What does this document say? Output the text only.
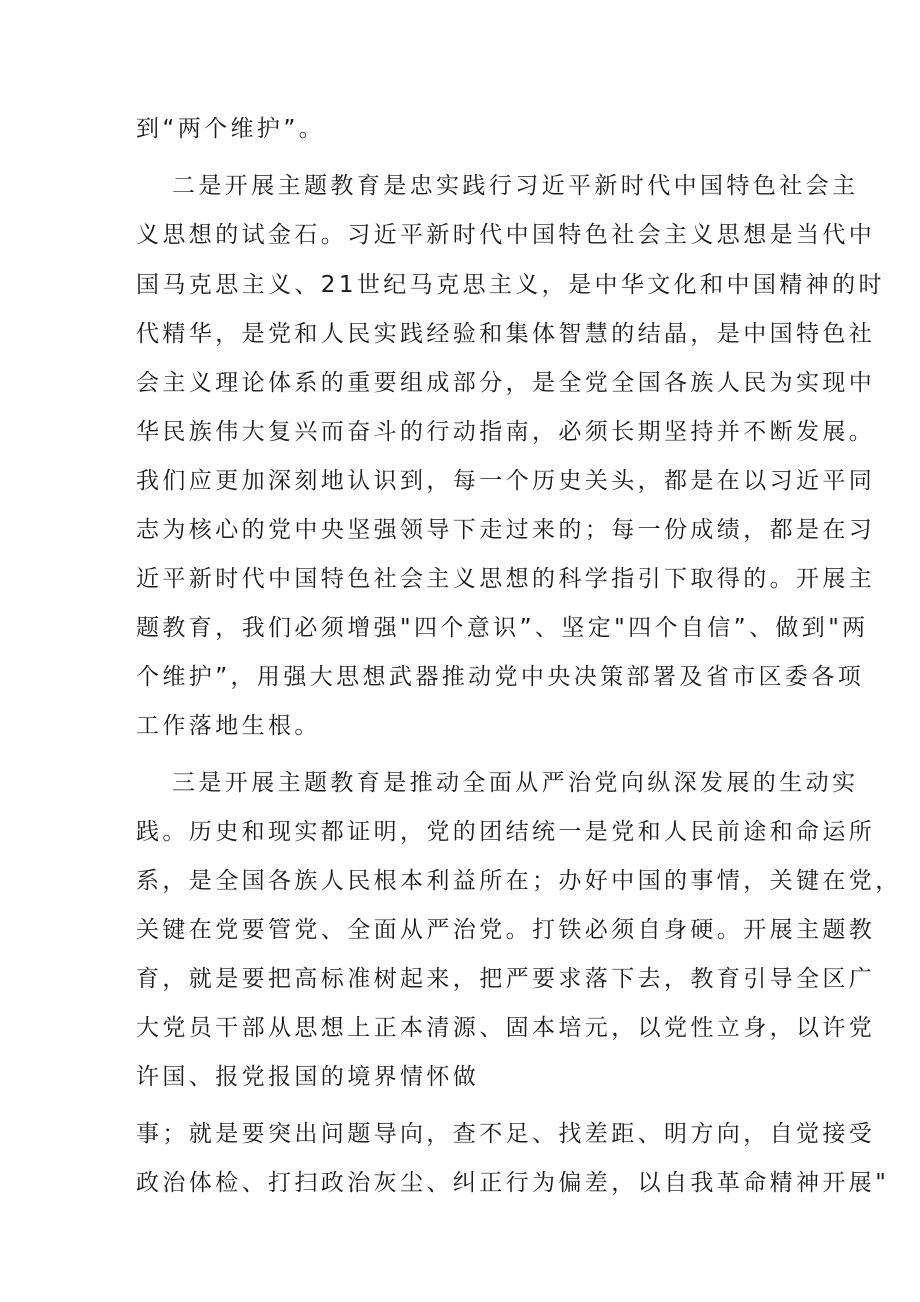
到“两个维护”。
二是开展主题教育是忠实践行习近平新时代中国特色社会主
义思想的试金石。习近平新时代中国特色社会主义思想是当代中
国马克思主义、21世纪马克思主义，是中华文化和中国精神的时
代精华，是党和人民实践经验和集体智慧的结晶，是中国特色社
会主义理论体系的重要组成部分，是全党全国各族人民为实现中
华民族伟大复兴而奋斗的行动指南，必须长期坚持并不断发展。
我们应更加深刻地认识到，每一个历史关头，都是在以习近平同
志为核心的党中央坚强领导下走过来的；每一份成绩，都是在习
近平新时代中国特色社会主义思想的科学指引下取得的。开展主
题教育，我们必须增强"四个意识”、坚定"四个自信”、做到"两
个维护”，用强大思想武器推动党中央决策部署及省市区委各项
工作落地生根。
三是开展主题教育是推动全面从严治党向纵深发展的生动实
践。历史和现实都证明，党的团结统一是党和人民前途和命运所
系，是全国各族人民根本利益所在；办好中国的事情，关键在党，
关键在党要管党、全面从严治党。打铁必须自身硬。开展主题教
育，就是要把高标准树起来，把严要求落下去，教育引导全区广
大党员干部从思想上正本清源、固本培元，以党性立身，以许党
许国、报党报国的境界情怀做
事；就是要突出问题导向，查不足、找差距、明方向，自觉接受
政治体检、打扫政治灰尘、纠正行为偏差，以自我革命精神开展"
